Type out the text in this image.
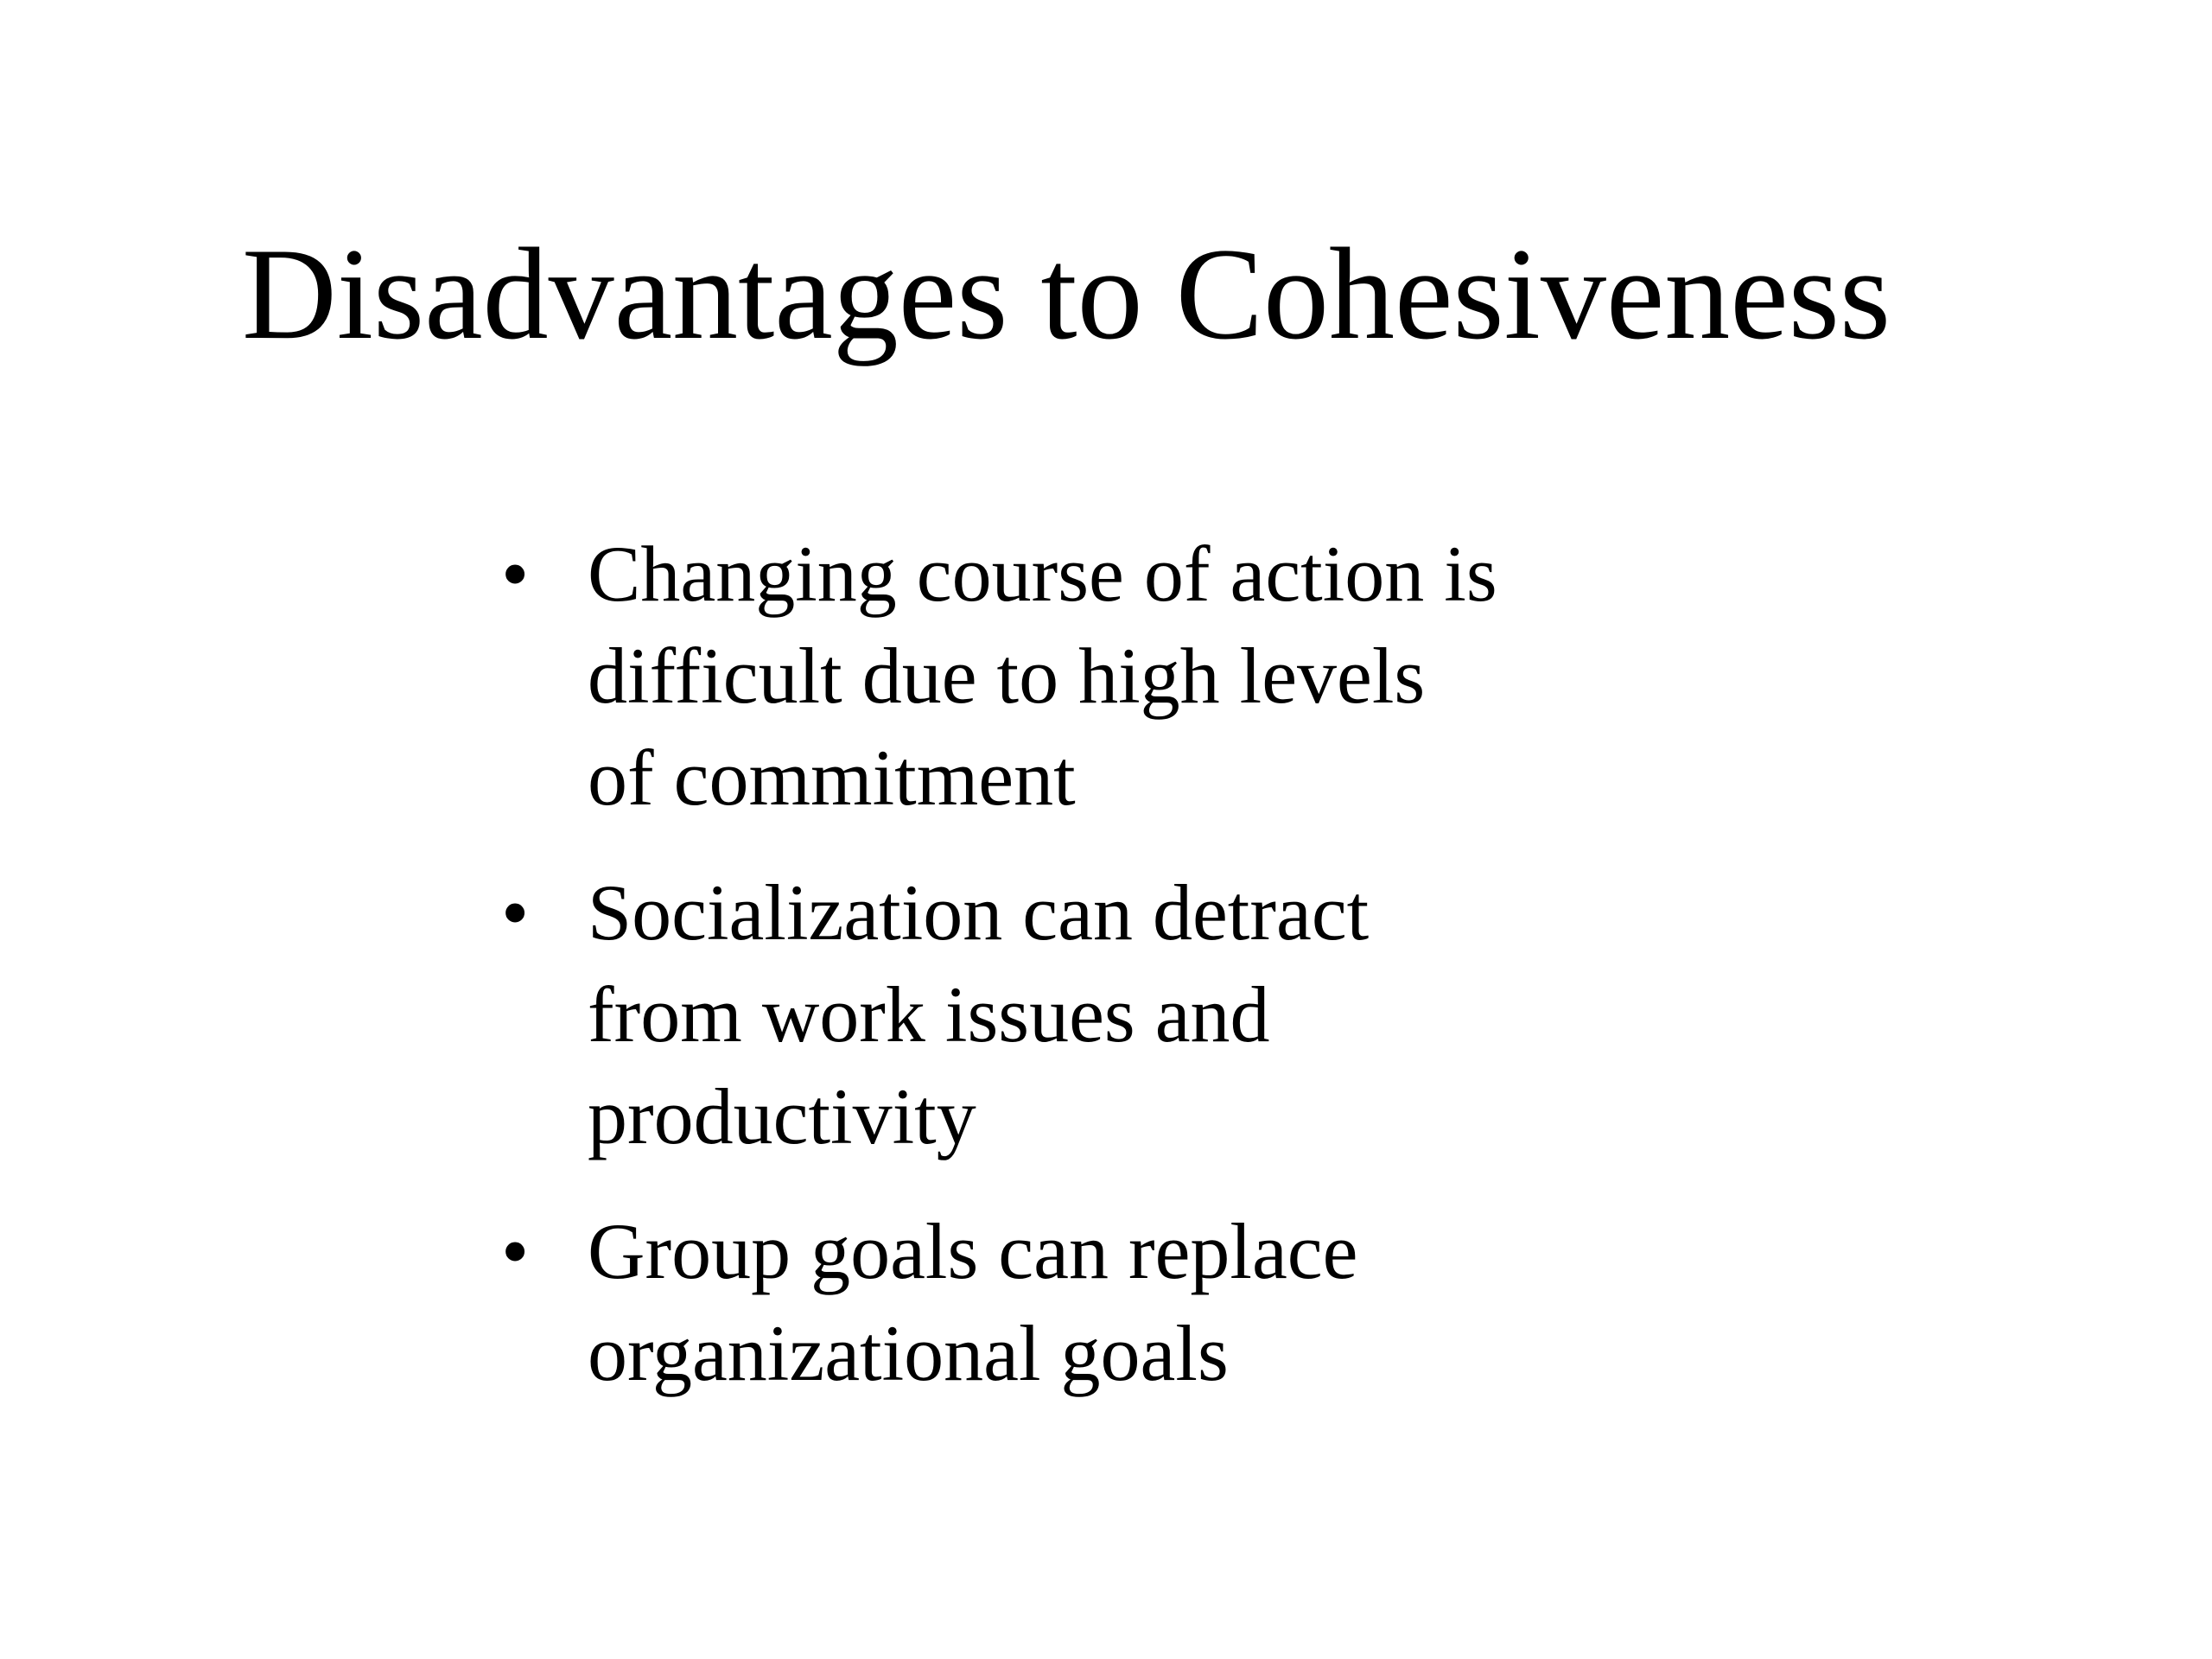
Disadvantages to Cohesiveness
• Changing course of action is
difficult due to high levels
of commitment
• Socialization can detract
from work issues and
productivity
• Group goals can replace
organizational goals
